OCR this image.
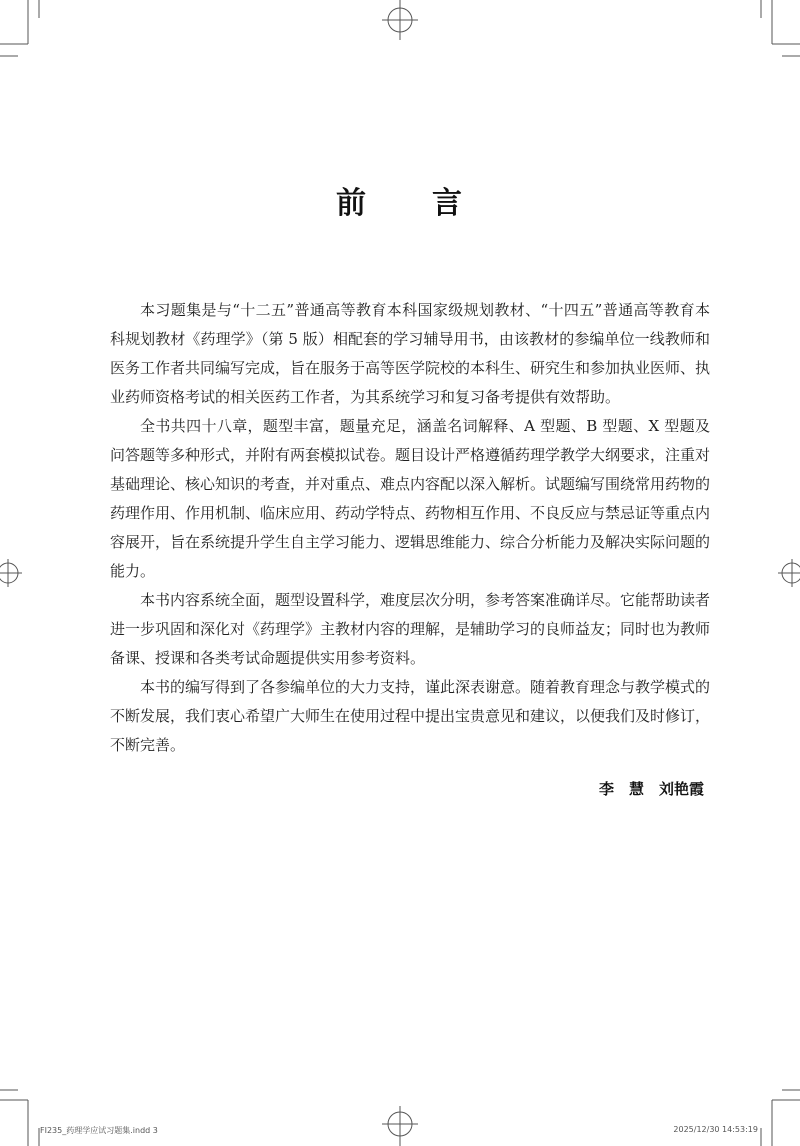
前　　言

本习题集是与“十二五”普通高等教育本科国家级规划教材、“十四五”普通高等教育本科规划教材《药理学》（第 5 版）相配套的学习辅导用书，由该教材的参编单位一线教师和医务工作者共同编写完成，旨在服务于高等医学院校的本科生、研究生和参加执业医师、执业药师资格考试的相关医药工作者，为其系统学习和复习备考提供有效帮助。

全书共四十八章，题型丰富，题量充足，涵盖名词解释、A 型题、B 型题、X 型题及问答题等多种形式，并附有两套模拟试卷。题目设计严格遵循药理学教学大纲要求，注重对基础理论、核心知识的考查，并对重点、难点内容配以深入解析。试题编写围绕常用药物的药理作用、作用机制、临床应用、药动学特点、药物相互作用、不良反应与禁忌证等重点内容展开，旨在系统提升学生自主学习能力、逻辑思维能力、综合分析能力及解决实际问题的能力。

本书内容系统全面，题型设置科学，难度层次分明，参考答案准确详尽。它能帮助读者进一步巩固和深化对《药理学》主教材内容的理解，是辅助学习的良师益友；同时也为教师备课、授课和各类考试命题提供实用参考资料。

本书的编写得到了各参编单位的大力支持，谨此深表谢意。随着教育理念与教学模式的不断发展，我们衷心希望广大师生在使用过程中提出宝贵意见和建议，以便我们及时修订，不断完善。

李　慧　刘艳霞
FI235_药理学应试习题集.indd 3	2025/12/30 14:53:19
